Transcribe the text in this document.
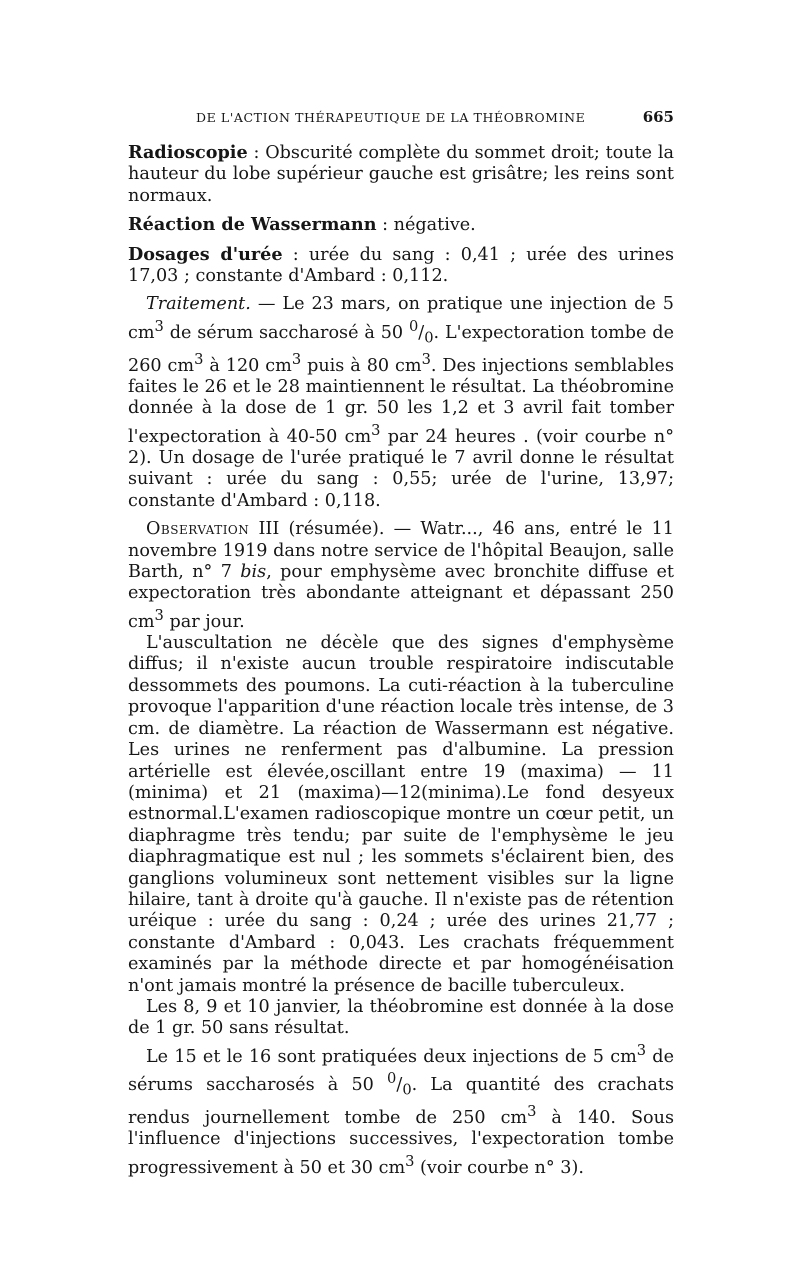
DE L'ACTION THÉRAPEUTIQUE DE LA THÉOBROMINE	665

Radioscopie : Obscurité complète du sommet droit; toute la hauteur du lobe supérieur gauche est grisâtre; les reins sont normaux.

Réaction de Wassermann : négative.

Dosages d'urée : urée du sang : 0,41 ; urée des urines 17,03 ; constante d'Ambard : 0,112.

Traitement. — Le 23 mars, on pratique une injection de 5 $cm^3$ de sérum saccharosé à 50 $^0/_0$. L'expectoration tombe de 260 $cm^3$ à 120 $cm^3$ puis à 80 $cm^3$. Des injections semblables faites le 26 et le 28 maintiennent le résultat. La théobromine donnée à la dose de 1 gr. 50 les 1,2 et 3 avril fait tomber l'expectoration à 40-50 $cm^3$ par 24 heures . (voir courbe n° 2). Un dosage de l'urée pratiqué le 7 avril donne le résultat suivant : urée du sang : 0,55; urée de l'urine, 13,97; constante d'Ambard : 0,118.

Observation III (résumée). — Watr..., 46 ans, entré le 11 novembre 1919 dans notre service de l'hôpital Beaujon, salle Barth, n° 7 bis, pour emphysème avec bronchite diffuse et expectoration très abondante atteignant et dépassant 250 $cm^3$ par jour.

L'auscultation ne décèle que des signes d'emphysème diffus; il n'existe aucun trouble respiratoire indiscutable dessommets des poumons. La cuti-réaction à la tuberculine provoque l'apparition d'une réaction locale très intense, de 3 cm. de diamètre. La réaction de Wassermann est négative. Les urines ne renferment pas d'albumine. La pression artérielle est élevée,oscillant entre 19 (maxima) — 11 (minima) et 21 (maxima)—12(minima).Le fond desyeux estnormal.L'examen radioscopique montre un cœur petit, un diaphragme très tendu; par suite de l'emphysème le jeu diaphragmatique est nul ; les sommets s'éclairent bien, des ganglions volumineux sont nettement visibles sur la ligne hilaire, tant à droite qu'à gauche. Il n'existe pas de rétention uréique : urée du sang : 0,24 ; urée des urines 21,77 ; constante d'Ambard : 0,043. Les crachats fréquemment examinés par la méthode directe et par homogénéisation n'ont jamais montré la présence de bacille tuberculeux.

Les 8, 9 et 10 janvier, la théobromine est donnée à la dose de 1 gr. 50 sans résultat.

Le 15 et le 16 sont pratiquées deux injections de 5 $cm^3$ de sérums saccharosés à 50 $^0/_0$. La quantité des crachats rendus journellement tombe de 250 $cm^3$ à 140. Sous l'influence d'injections successives, l'expectoration tombe progressivement à 50 et 30 $cm^3$ (voir courbe n° 3).
